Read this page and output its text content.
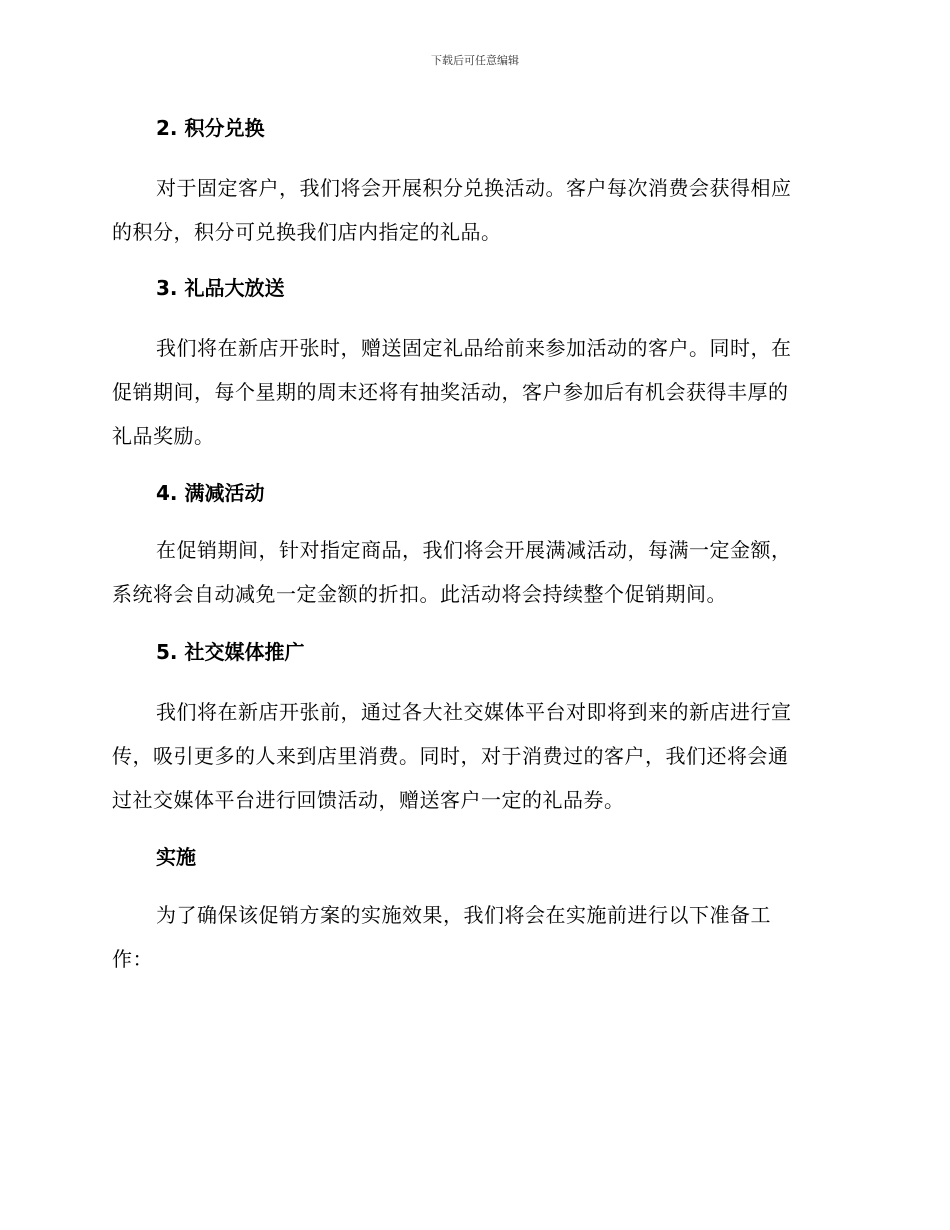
下载后可任意编辑
2. 积分兑换
对于固定客户，我们将会开展积分兑换活动。客户每次消费会获得相应
的积分，积分可兑换我们店内指定的礼品。
3. 礼品大放送
我们将在新店开张时，赠送固定礼品给前来参加活动的客户。同时，在
促销期间，每个星期的周末还将有抽奖活动，客户参加后有机会获得丰厚的
礼品奖励。
4. 满减活动
在促销期间，针对指定商品，我们将会开展满减活动，每满一定金额，
系统将会自动减免一定金额的折扣。此活动将会持续整个促销期间。
5. 社交媒体推广
我们将在新店开张前，通过各大社交媒体平台对即将到来的新店进行宣
传，吸引更多的人来到店里消费。同时，对于消费过的客户，我们还将会通
过社交媒体平台进行回馈活动，赠送客户一定的礼品券。
实施
为了确保该促销方案的实施效果，我们将会在实施前进行以下准备工
作：
